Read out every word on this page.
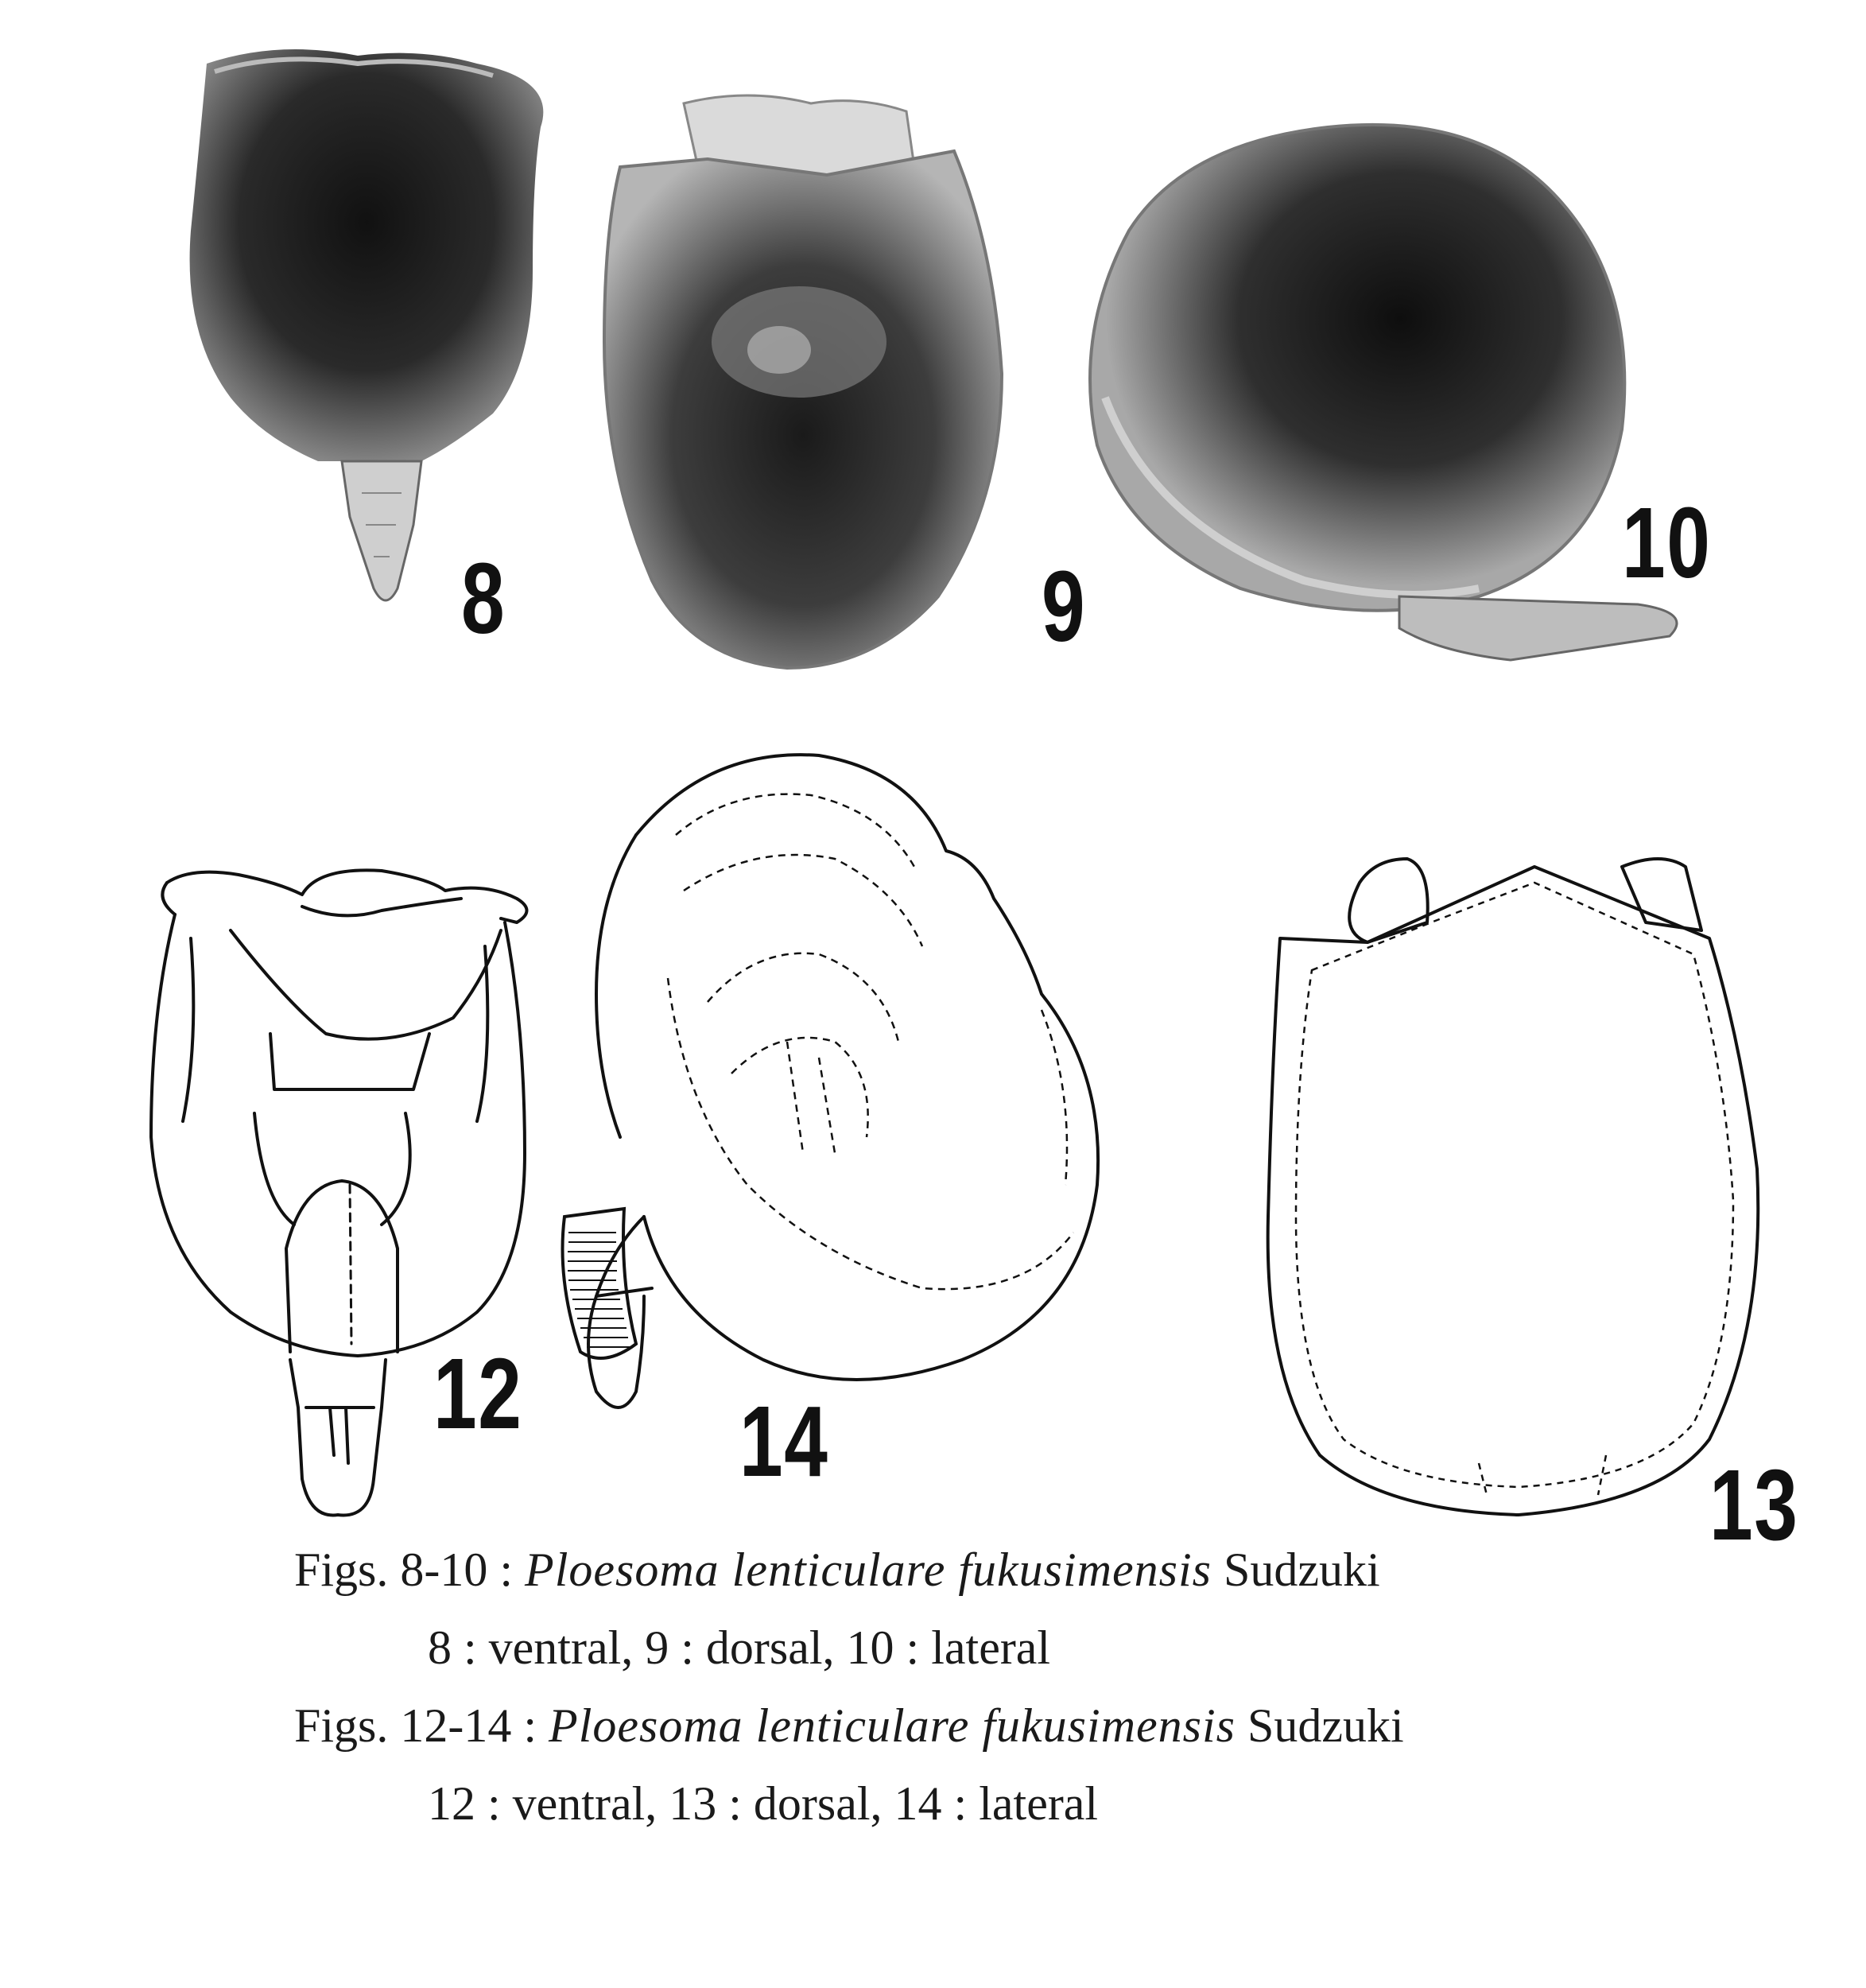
8	9
10
12 14
13
Figs. 8-10 : Ploesoma lenticulare fukusimensis Sudzuki
8 : ventral, 9 : dorsal, 10 : lateral
Figs. 12-14 : Ploesoma lenticulare fukusimensis Sudzuki
12 : ventral, 13 : dorsal, 14 : lateral
